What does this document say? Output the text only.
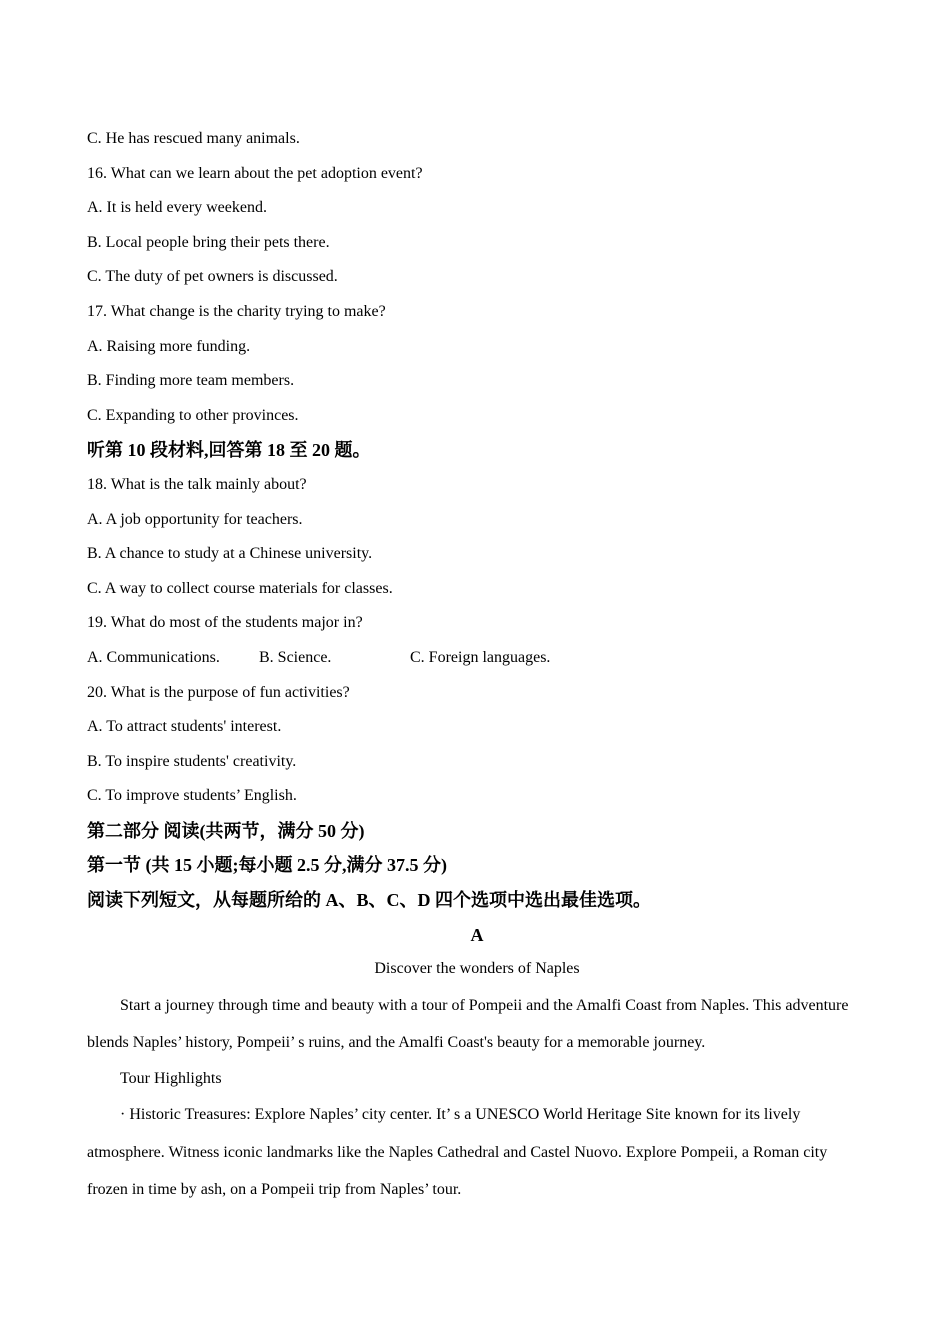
C. He has rescued many animals.
16. What can we learn about the pet adoption event?
A. It is held every weekend.
B. Local people bring their pets there.
C. The duty of pet owners is discussed.
17. What change is the charity trying to make?
A. Raising more funding.
B. Finding more team members.
C. Expanding to other provinces.
听第 10 段材料,回答第 18 至 20 题。
18. What is the talk mainly about?
A. A job opportunity for teachers.
B. A chance to study at a Chinese university.
C. A way to collect course materials for classes.
19. What do most of the students major in?
A. Communications.	B. Science.	C. Foreign languages.
20. What is the purpose of fun activities?
A. To attract students' interest.
B. To inspire students' creativity.
C. To improve students’ English.
第二部分 阅读(共两节，满分 50 分)
第一节 (共 15 小题;每小题 2.5 分,满分 37.5 分)
阅读下列短文，从每题所给的 A、B、C、D 四个选项中选出最佳选项。
A
Discover the wonders of Naples

Start a journey through time and beauty with a tour of Pompeii and the Amalfi Coast from Naples. This adventure blends Naples’ history, Pompeii’ s ruins, and the Amalfi Coast's beauty for a memorable journey.

Tour Highlights

· Historic Treasures: Explore Naples’ city center. It’ s a UNESCO World Heritage Site known for its lively atmosphere. Witness iconic landmarks like the Naples Cathedral and Castel Nuovo. Explore Pompeii, a Roman city frozen in time by ash, on a Pompeii trip from Naples’ tour.
